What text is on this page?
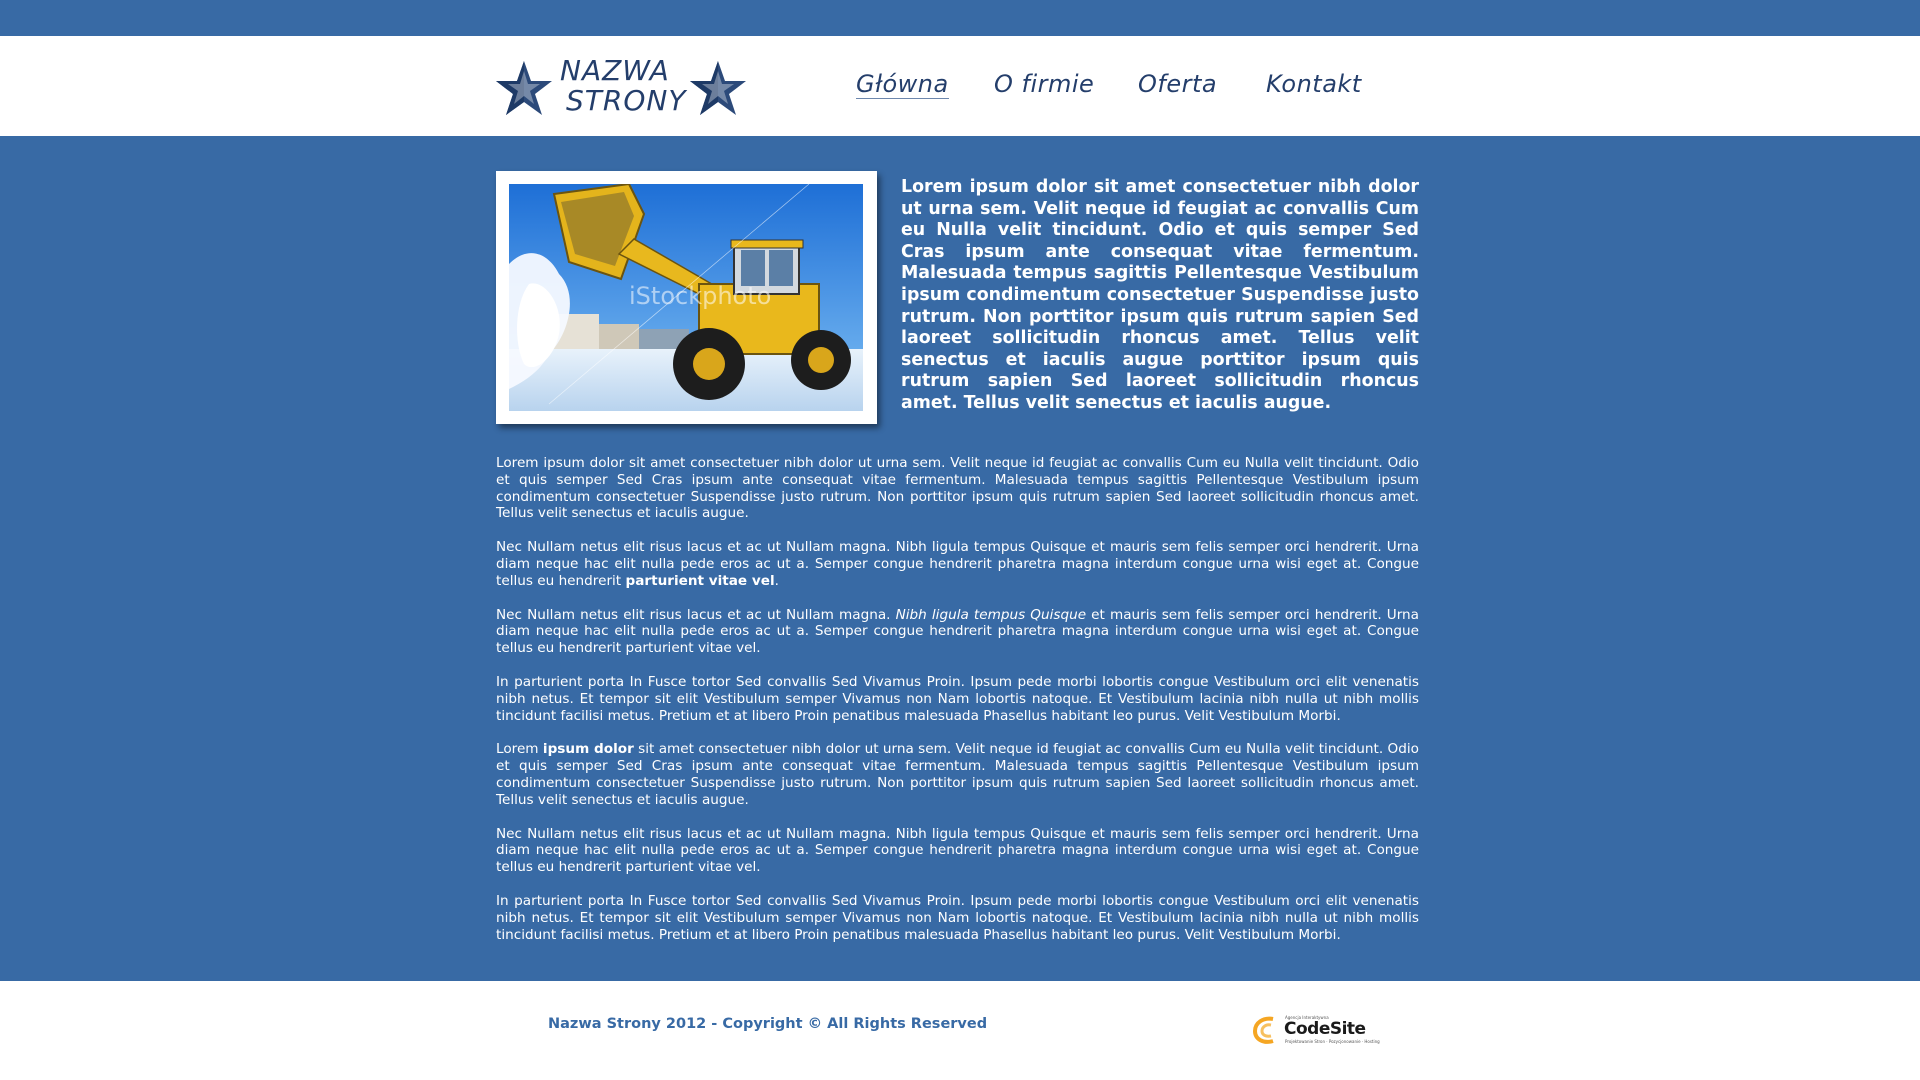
NAZWA
STRONY	Główna O firmie Oferta Kontakt
iStockphoto

Lorem ipsum dolor sit amet consectetuer nibh dolor ut urna sem. Velit neque id feugiat ac convallis Cum eu Nulla velit tincidunt. Odio et quis semper Sed Cras ipsum ante consequat vitae fermentum. Malesuada tempus sagittis Pellentesque Vestibulum ipsum condimentum consectetuer Suspendisse justo rutrum. Non porttitor ipsum quis rutrum sapien Sed laoreet sollicitudin rhoncus amet. Tellus velit senectus et iaculis augue porttitor ipsum quis rutrum sapien Sed laoreet sollicitudin rhoncus amet. Tellus velit senectus et iaculis augue.

Lorem ipsum dolor sit amet consectetuer nibh dolor ut urna sem. Velit neque id feugiat ac convallis Cum eu Nulla velit tincidunt. Odio et quis semper Sed Cras ipsum ante consequat vitae fermentum. Malesuada tempus sagittis Pellentesque Vestibulum ipsum condimentum consectetuer Suspendisse justo rutrum. Non porttitor ipsum quis rutrum sapien Sed laoreet sollicitudin rhoncus amet. Tellus velit senectus et iaculis augue.

Nec Nullam netus elit risus lacus et ac ut Nullam magna. Nibh ligula tempus Quisque et mauris sem felis semper orci hendrerit. Urna diam neque hac elit nulla pede eros ac ut a. Semper congue hendrerit pharetra magna interdum congue urna wisi eget at. Congue tellus eu hendrerit parturient vitae vel.

Nec Nullam netus elit risus lacus et ac ut Nullam magna. Nibh ligula tempus Quisque et mauris sem felis semper orci hendrerit. Urna diam neque hac elit nulla pede eros ac ut a. Semper congue hendrerit pharetra magna interdum congue urna wisi eget at. Congue tellus eu hendrerit parturient vitae vel.

In parturient porta In Fusce tortor Sed convallis Sed Vivamus Proin. Ipsum pede morbi lobortis congue Vestibulum orci elit venenatis nibh netus. Et tempor sit elit Vestibulum semper Vivamus non Nam lobortis natoque. Et Vestibulum lacinia nibh nulla ut nibh mollis tincidunt facilisi metus. Pretium et at libero Proin penatibus malesuada Phasellus habitant leo purus. Velit Vestibulum Morbi.

Lorem ipsum dolor sit amet consectetuer nibh dolor ut urna sem. Velit neque id feugiat ac convallis Cum eu Nulla velit tincidunt. Odio et quis semper Sed Cras ipsum ante consequat vitae fermentum. Malesuada tempus sagittis Pellentesque Vestibulum ipsum condimentum consectetuer Suspendisse justo rutrum. Non porttitor ipsum quis rutrum sapien Sed laoreet sollicitudin rhoncus amet. Tellus velit senectus et iaculis augue.

Nec Nullam netus elit risus lacus et ac ut Nullam magna. Nibh ligula tempus Quisque et mauris sem felis semper orci hendrerit. Urna diam neque hac elit nulla pede eros ac ut a. Semper congue hendrerit pharetra magna interdum congue urna wisi eget at. Congue tellus eu hendrerit parturient vitae vel.

In parturient porta In Fusce tortor Sed convallis Sed Vivamus Proin. Ipsum pede morbi lobortis congue Vestibulum orci elit venenatis nibh netus. Et tempor sit elit Vestibulum semper Vivamus non Nam lobortis natoque. Et Vestibulum lacinia nibh nulla ut nibh mollis tincidunt facilisi metus. Pretium et at libero Proin penatibus malesuada Phasellus habitant leo purus. Velit Vestibulum Morbi.

Nazwa Strony 2012 - Copyright © All Rights Reserved	Agencja Interaktywna
CodeSite
Projektowanie Stron · Pozycjonowanie · Hosting
